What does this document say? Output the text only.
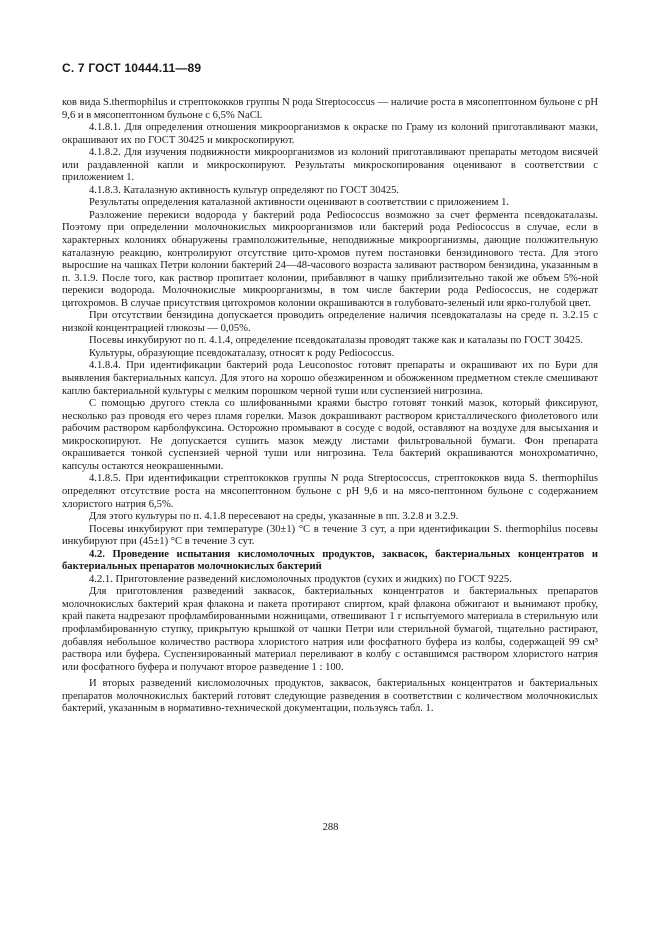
С. 7 ГОСТ 10444.11—89

ков вида S.thermophilus и стрептококков группы N рода Streptococcus — наличие роста в мясопептонном бульоне с pH 9,6 и в мясопептонном бульоне с 6,5% NaCl.

4.1.8.1. Для определения отношения микроорганизмов к окраске по Граму из колоний приготавливают мазки, окрашивают их по ГОСТ 30425 и микроскопируют.

4.1.8.2. Для изучения подвижности микроорганизмов из колоний приготавливают препараты методом висячей или раздавленной капли и микроскопируют. Результаты микроскопирования оценивают в соответствии с приложением 1.

4.1.8.3. Каталазную активность культур определяют по ГОСТ 30425.

Результаты определения каталазной активности оценивают в соответствии с приложением 1.

Разложение перекиси водорода у бактерий рода Pediococcus возможно за счет фермента псевдокаталазы. Поэтому при определении молочнокислых микроорганизмов или бактерий рода Pediococcus в случае, если в характерных колониях обнаружены грамположительные, неподвижные микроорганизмы, дающие положительную каталазную реакцию, контролируют отсутствие цито-хромов путем постановки бензидинового теста. Для этого выросшие на чашках Петри колонии бактерий 24—48-часового возраста заливают раствором бензидина, указанным в п. 3.1.9. После того, как раствор пропитает колонии, прибавляют в чашку приблизительно такой же объем 5%-ной перекиси водорода. Молочнокислые микроорганизмы, в том числе бактерии рода Pediococcus, не содержат цитохромов. В случае присутствия цитохромов колонии окрашиваются в голубовато-зеленый или ярко-голубой цвет.

При отсутствии бензидина допускается проводить определение наличия псевдокаталазы на среде п. 3.2.15 с низкой концентрацией глюкозы — 0,05%.

Посевы инкубируют по п. 4.1.4, определение псевдокаталазы проводят также как и каталазы по ГОСТ 30425.

Культуры, образующие псевдокаталазу, относят к роду Pediococcus.

4.1.8.4. При идентификации бактерий рода Leuconostoc готовят препараты и окрашивают их по Бури для выявления бактериальных капсул. Для этого на хорошо обезжиренном и обожженном предметном стекле смешивают каплю бактериальной культуры с мелким порошком черной туши или суспензией нигрозина.

С помощью другого стекла со шлифованными краями быстро готовят тонкий мазок, который фиксируют, несколько раз проводя его через пламя горелки. Мазок докрашивают раствором кристаллического фиолетового или рабочим раствором карболфуксина. Осторожно промывают в сосуде с водой, оставляют на воздухе для высыхания и микроскопируют. Не допускается сушить мазок между листами фильтровальной бумаги. Фон препарата окрашивается тонкой суспензией черной туши или нигрозина. Тела бактерий окрашиваются монохроматично, капсулы остаются неокрашенными.

4.1.8.5. При идентификации стрептококков группы N рода Streptococcus, стрептококков вида S. thermophilus определяют отсутствие роста на мясопептонном бульоне с pH 9,6 и на мясо-пептонном бульоне с содержанием хлористого натрия 6,5%.

Для этого культуры по п. 4.1.8 пересевают на среды, указанные в пп. 3.2.8 и 3.2.9.

Посевы инкубируют при температуре (30±1) °С в течение 3 сут, а при идентификации S. thermophilus посевы инкубируют при (45±1) °С в течение 3 сут.

4.2. Проведение испытания кисломолочных продуктов, заквасок, бактериальных концентратов и бактериальных препаратов молочнокислых бактерий

4.2.1. Приготовление разведений кисломолочных продуктов (сухих и жидких) по ГОСТ 9225.

Для приготовления разведений заквасок, бактериальных концентратов и бактериальных препаратов молочнокислых бактерий края флакона и пакета протирают спиртом, край флакона обжигают и вынимают пробку, край пакета надрезают профламбированными ножницами, отвешивают 1 г испытуемого материала в стерильную или профламбированную ступку, прикрытую крышкой от чашки Петри или стерильной бумагой, тщательно растирают, добавляя небольшое количество раствора хлористого натрия или фосфатного буфера из колбы, содержащей 99 см³ раствора или буфера. Суспензированный материал переливают в колбу с оставшимся раствором хлористого натрия или фосфатного буфера и получают второе разведение 1 : 100.

И вторых разведений кисломолочных продуктов, заквасок, бактериальных концентратов и бактериальных препаратов молочнокислых бактерий готовят следующие разведения в соответствии с количеством молочнокислых бактерий, указанным в нормативно-технической документации, пользуясь табл. 1.

288
